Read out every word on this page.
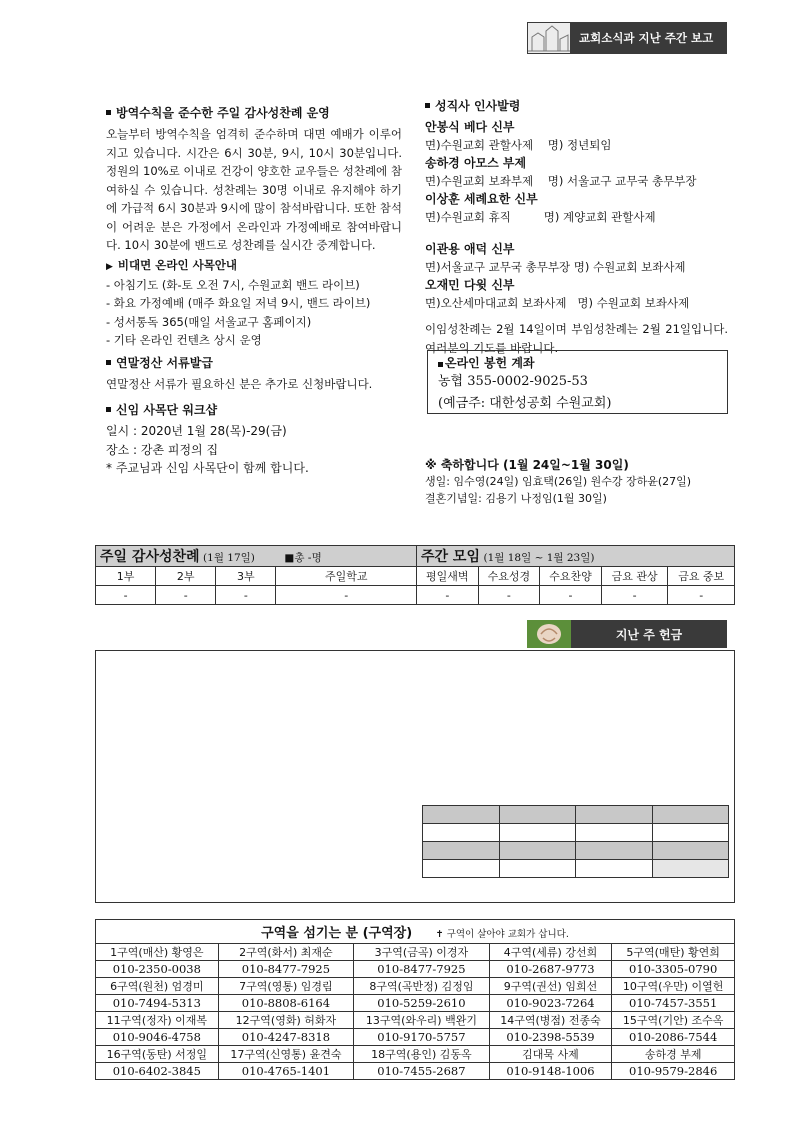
교회소식과 지난 주간 보고
방역수칙을 준수한 주일 감사성찬례 운영
오늘부터 방역수칙을 엄격히 준수하며 대면 예배가 이루어지고 있습니다. 시간은 6시 30분, 9시, 10시 30분입니다. 정원의 10%로 이내로 건강이 양호한 교우들은 성찬례에 참여하실 수 있습니다. 성찬례는 30명 이내로 유지해야 하기에 가급적 6시 30분과 9시에 많이 참석바랍니다. 또한 참석이 어려운 분은 가정에서 온라인과 가정예배로 참여바랍니다. 10시 30분에 밴드로 성찬례를 실시간 중계합니다.
▶ 비대면 온라인 사목안내
- 아침기도 (화-토 오전 7시, 수원교회 밴드 라이브)
- 화요 가정예배 (매주 화요일 저녁 9시, 밴드 라이브)
- 성서통독 365(매일 서울교구 홈페이지)
- 기타 온라인 컨텐츠 상시 운영
연말정산 서류발급
연말정산 서류가 필요하신 분은 추가로 신청바랍니다.
신임 사목단 워크샵
일시 : 2020년 1월 28(목)-29(금)
장소 : 강촌 피정의 집
* 주교님과 신임 사목단이 함께 합니다.
성직사 인사발령
안봉식 베다 신부
면)수원교회 관할사제    명) 정년퇴임
송하경 아모스 부제
면)수원교회 보좌부제    명) 서울교구 교무국 총무부장
이상훈 세례요한 신부
면)수원교회 휴직         명) 계양교회 관할사제
이관용 애덕 신부
면)서울교구 교무국 총무부장 명) 수원교회 보좌사제
오재민 다윗 신부
면)오산세마대교회 보좌사제   명) 수원교회 보좌사제
이임성찬례는 2월 14일이며 부임성찬례는 2월 21일입니다. 여러분의 기도를 바랍니다.
온라인 봉헌 계좌
농협 355-0002-9025-53
(예금주: 대한성공회 수원교회)
※ 축하합니다 (1월 24일~1월 30일)
생일: 임수영(24일) 임효택(26일) 원수강 장하윤(27일)
결혼기념일: 김용기 나정임(1월 30일)
주일 감사성찬례 (1월 17일) ■총 -명				주간 모임 (1월 18일 ~ 1월 23일)				
1부	2부	3부	주일학교	평일새벽	수요성경	수요찬양	금요 관상	금요 중보
-	-	-	-	-	-	-	-	-
지난 주 헌금

구역을 섬기는 분 (구역장) ✝ 구역이 살아야 교회가 삽니다.				
1구역(매산) 황영은	2구역(화서) 최재순	3구역(금곡) 이경자	4구역(세류) 강선희	5구역(매탄) 황연희
010-2350-0038	010-8477-7925	010-8477-7925	010-2687-9773	010-3305-0790
6구역(원천) 엄경미	7구역(영통) 임경림	8구역(곡반정) 김정임	9구역(권선) 임희선	10구역(우만) 이열헌
010-7494-5313	010-8808-6164	010-5259-2610	010-9023-7264	010-7457-3551
11구역(정자) 이재복	12구역(영화) 허화자	13구역(와우리) 백완기	14구역(병점) 전종숙	15구역(기안) 조수옥
010-9046-4758	010-4247-8318	010-9170-5757	010-2398-5539	010-2086-7544
16구역(동탄) 서정일	17구역(신영통) 윤견숙	18구역(용인) 김동옥	김대묵 사제	송하경 부제
010-6402-3845	010-4765-1401	010-7455-2687	010-9148-1006	010-9579-2846
